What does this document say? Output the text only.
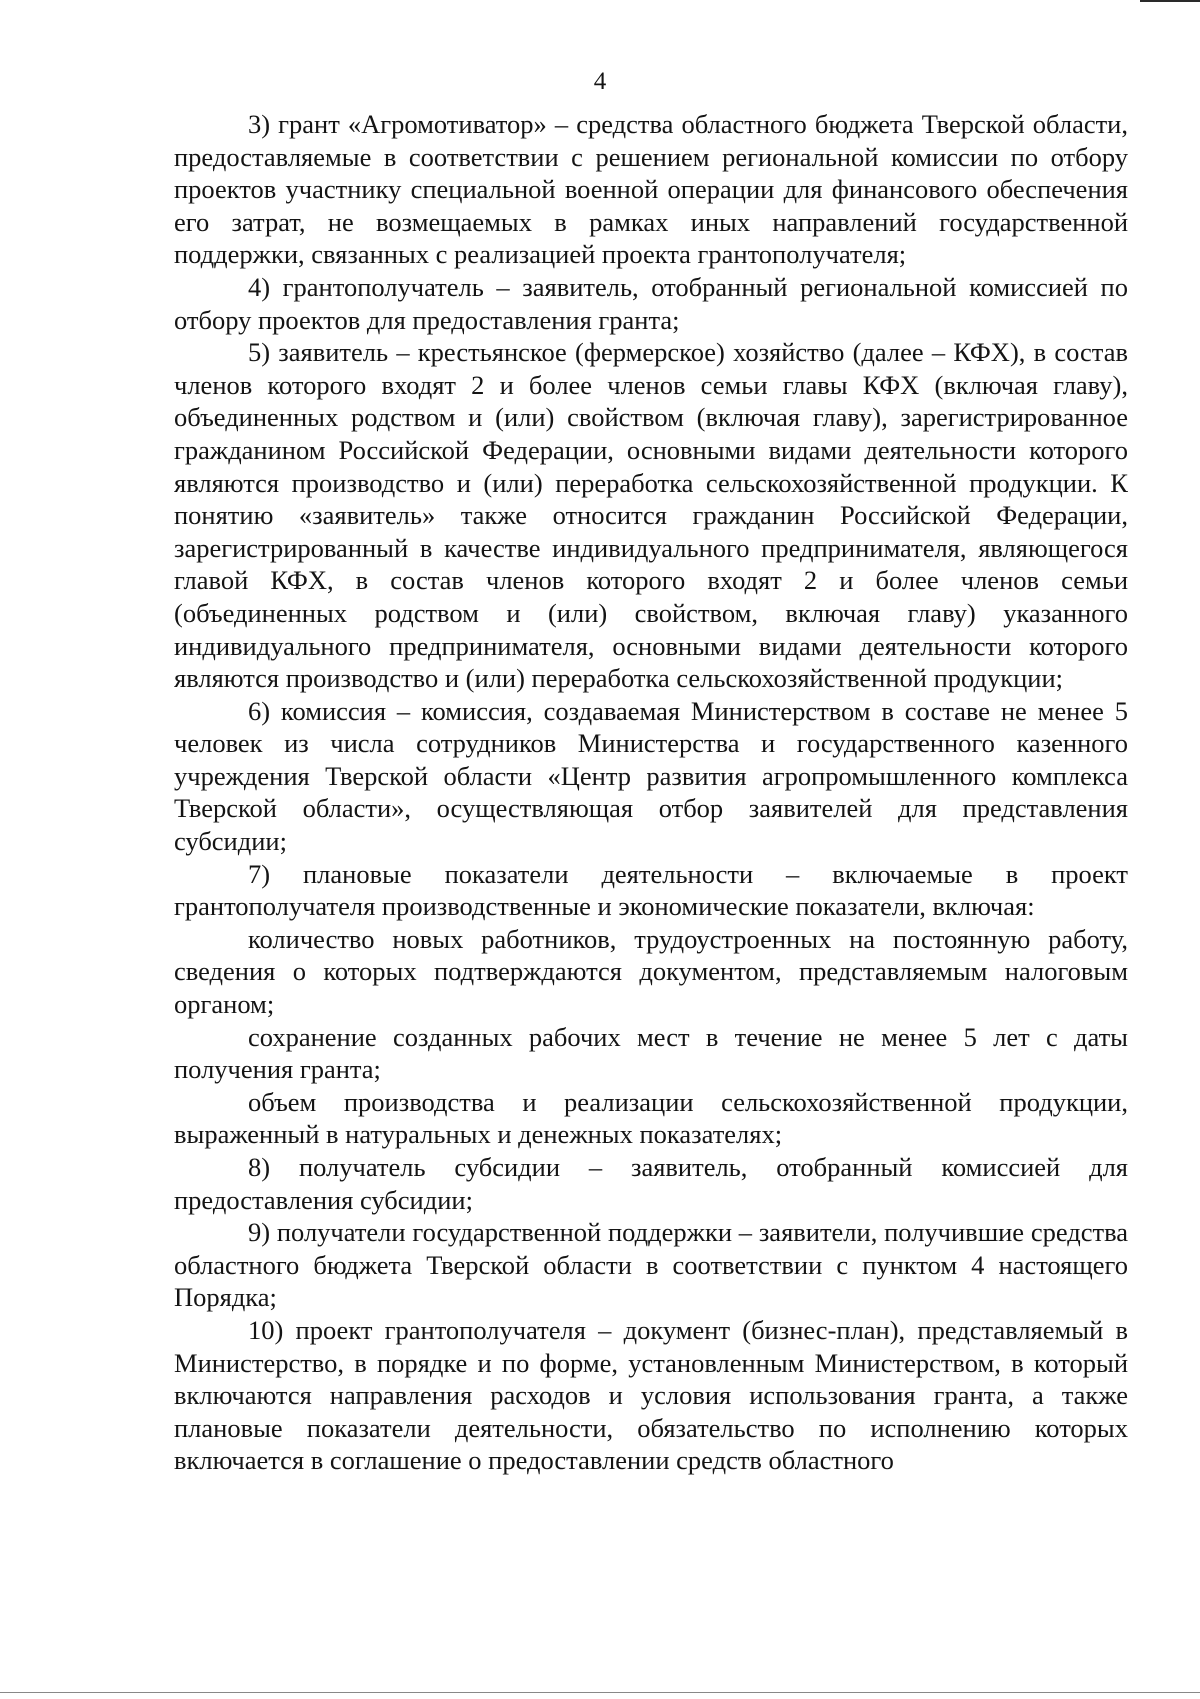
4

3) грант «Агромотиватор» – средства областного бюджета Тверской области, предоставляемые в соответствии с решением региональной комиссии по отбору проектов участнику специальной военной операции для финансового обеспечения его затрат, не возмещаемых в рамках иных направлений государственной поддержки, связанных с реализацией проекта грантополучателя;

4) грантополучатель – заявитель, отобранный региональной комиссией по отбору проектов для предоставления гранта;

5) заявитель – крестьянское (фермерское) хозяйство (далее – КФХ), в состав членов которого входят 2 и более членов семьи главы КФХ (включая главу), объединенных родством и (или) свойством (включая главу), зарегистрированное гражданином Российской Федерации, основными видами деятельности которого являются производство и (или) переработка сельскохозяйственной продукции. К понятию «заявитель» также относится гражданин Российской Федерации, зарегистрированный в качестве индивидуального предпринимателя, являющегося главой КФХ, в состав членов которого входят 2 и более членов семьи (объединенных родством и (или) свойством, включая главу) указанного индивидуального предпринимателя, основными видами деятельности которого являются производство и (или) переработка сельскохозяйственной продукции;

6) комиссия – комиссия, создаваемая Министерством в составе не менее 5 человек из числа сотрудников Министерства и государственного казенного учреждения Тверской области «Центр развития агропромышленного комплекса Тверской области», осуществляющая отбор заявителей для представления субсидии;

7) плановые показатели деятельности – включаемые в проект грантополучателя производственные и экономические показатели, включая:

количество новых работников, трудоустроенных на постоянную работу, сведения о которых подтверждаются документом, представляемым налоговым органом;

сохранение созданных рабочих мест в течение не менее 5 лет с даты получения гранта;

объем производства и реализации сельскохозяйственной продукции, выраженный в натуральных и денежных показателях;

8) получатель субсидии – заявитель, отобранный комиссией для предоставления субсидии;

9) получатели государственной поддержки – заявители, получившие средства областного бюджета Тверской области в соответствии с пунктом 4 настоящего Порядка;

10) проект грантополучателя – документ (бизнес-план), представляемый в Министерство, в порядке и по форме, установленным Министерством, в который включаются направления расходов и условия использования гранта, а также плановые показатели деятельности, обязательство по исполнению которых включается в соглашение о предоставлении средств областного
